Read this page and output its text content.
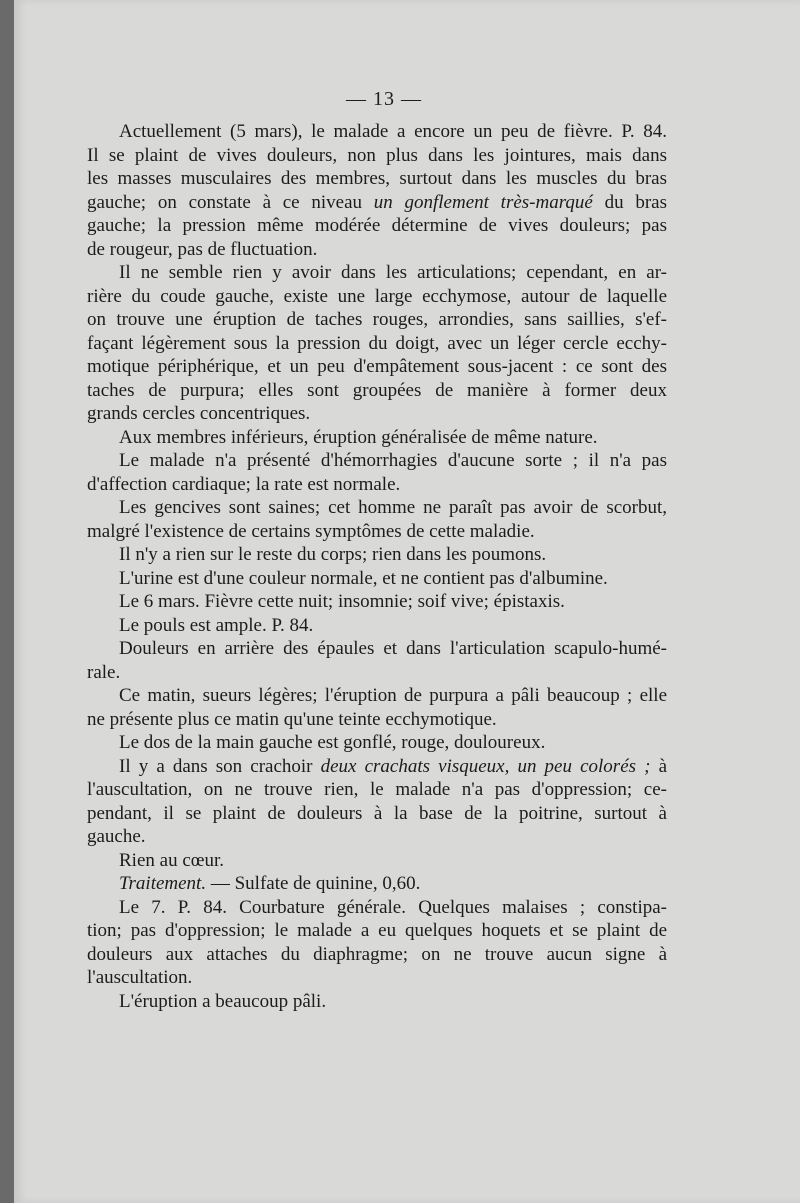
— 13 —
Actuellement (5 mars), le malade a encore un peu de fièvre. P. 84.
Il se plaint de vives douleurs, non plus dans les jointures, mais dans
les masses musculaires des membres, surtout dans les muscles du bras
gauche; on constate à ce niveau un gonflement très-marqué du bras
gauche; la pression même modérée détermine de vives douleurs; pas
de rougeur, pas de fluctuation.
Il ne semble rien y avoir dans les articulations; cependant, en ar-
rière du coude gauche, existe une large ecchymose, autour de laquelle
on trouve une éruption de taches rouges, arrondies, sans saillies, s'ef-
façant légèrement sous la pression du doigt, avec un léger cercle ecchy-
motique périphérique, et un peu d'empâtement sous-jacent : ce sont des
taches de purpura; elles sont groupées de manière à former deux
grands cercles concentriques.
Aux membres inférieurs, éruption généralisée de même nature.
Le malade n'a présenté d'hémorrhagies d'aucune sorte ; il n'a pas
d'affection cardiaque; la rate est normale.
Les gencives sont saines; cet homme ne paraît pas avoir de scorbut,
malgré l'existence de certains symptômes de cette maladie.
Il n'y a rien sur le reste du corps; rien dans les poumons.
L'urine est d'une couleur normale, et ne contient pas d'albumine.
Le 6 mars. Fièvre cette nuit; insomnie; soif vive; épistaxis.
Le pouls est ample. P. 84.
Douleurs en arrière des épaules et dans l'articulation scapulo-humé-
rale.
Ce matin, sueurs légères; l'éruption de purpura a pâli beaucoup ; elle
ne présente plus ce matin qu'une teinte ecchymotique.
Le dos de la main gauche est gonflé, rouge, douloureux.
Il y a dans son crachoir deux crachats visqueux, un peu colorés ; à
l'auscultation, on ne trouve rien, le malade n'a pas d'oppression; ce-
pendant, il se plaint de douleurs à la base de la poitrine, surtout à
gauche.
Rien au cœur.
Traitement. — Sulfate de quinine, 0,60.
Le 7. P. 84. Courbature générale. Quelques malaises ; constipa-
tion; pas d'oppression; le malade a eu quelques hoquets et se plaint de
douleurs aux attaches du diaphragme; on ne trouve aucun signe à
l'auscultation.
L'éruption a beaucoup pâli.
